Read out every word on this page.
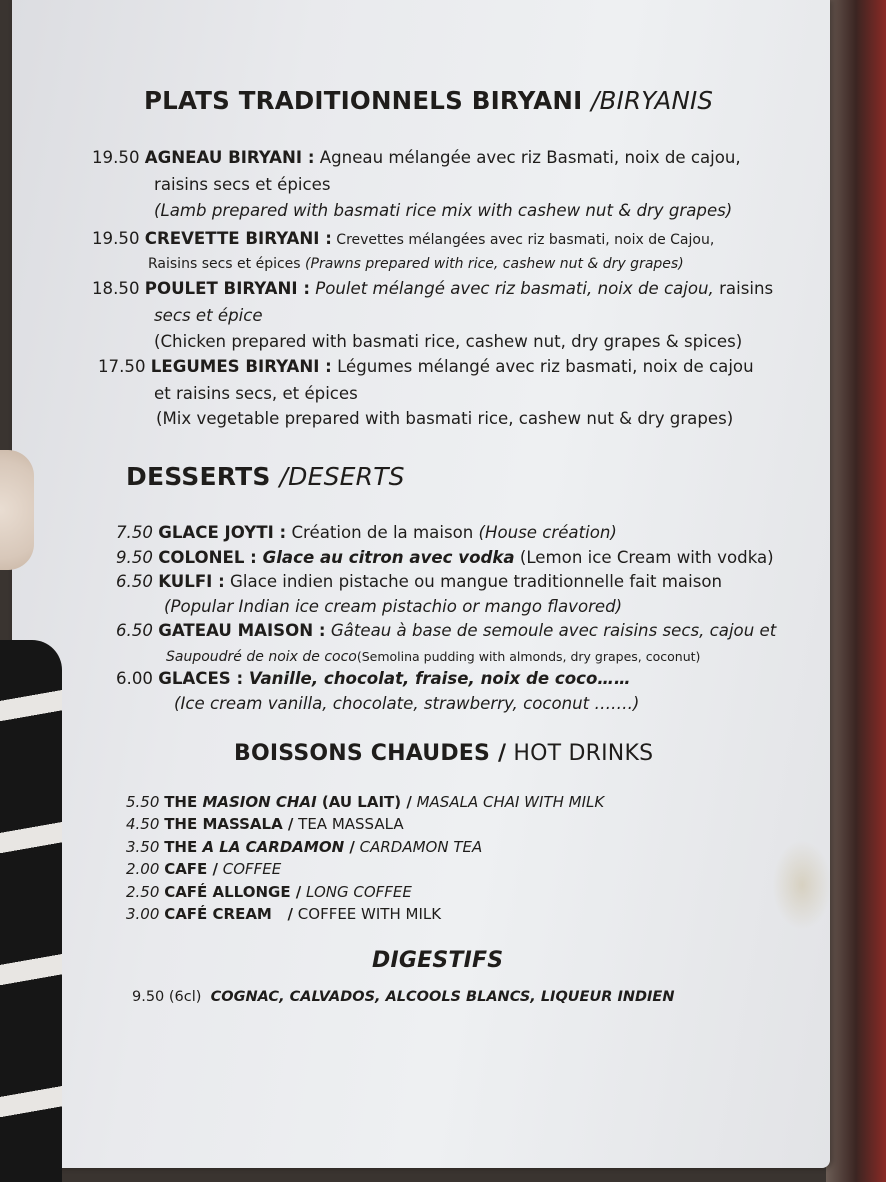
PLATS TRADITIONNELS BIRYANI /BIRYANIS

19.50 AGNEAU BIRYANI : Agneau mélangée avec riz Basmati, noix de cajou,

raisins secs et épices

(Lamb prepared with basmati rice mix with cashew nut & dry grapes)

19.50 CREVETTE BIRYANI : Crevettes mélangées avec riz basmati, noix de Cajou,

Raisins secs et épices (Prawns prepared with rice, cashew nut & dry grapes)

18.50 POULET BIRYANI : Poulet mélangé avec riz basmati, noix de cajou, raisins

secs et épice

(Chicken prepared with basmati rice, cashew nut, dry grapes & spices)

17.50 LEGUMES BIRYANI : Légumes mélangé avec riz basmati, noix de cajou

et raisins secs, et épices

(Mix vegetable prepared with basmati rice, cashew nut & dry grapes)

DESSERTS /DESERTS

7.50 GLACE JOYTI : Création de la maison (House création)

9.50 COLONEL : Glace au citron avec vodka (Lemon ice Cream with vodka)

6.50 KULFI : Glace indien pistache ou mangue traditionnelle fait maison

(Popular Indian ice cream pistachio or mango flavored)

6.50 GATEAU MAISON : Gâteau à base de semoule avec raisins secs, cajou et

Saupoudré de noix de coco(Semolina pudding with almonds, dry grapes, coconut)

6.00 GLACES : Vanille, chocolat, fraise, noix de coco……

(Ice cream vanilla, chocolate, strawberry, coconut …….)

BOISSONS CHAUDES / HOT DRINKS

5.50 THE MASION CHAI (AU LAIT) / MASALA CHAI WITH MILK
4.50 THE MASSALA / TEA MASSALA
3.50 THE A LA CARDAMON / CARDAMON TEA
2.00 CAFE / COFFEE
2.50 CAFÉ ALLONGE / LONG COFFEE
3.00 CAFÉ CREAM   / COFFEE WITH MILK

DIGESTIFS

9.50 (6cl) COGNAC, CALVADOS, ALCOOLS BLANCS, LIQUEUR INDIEN
